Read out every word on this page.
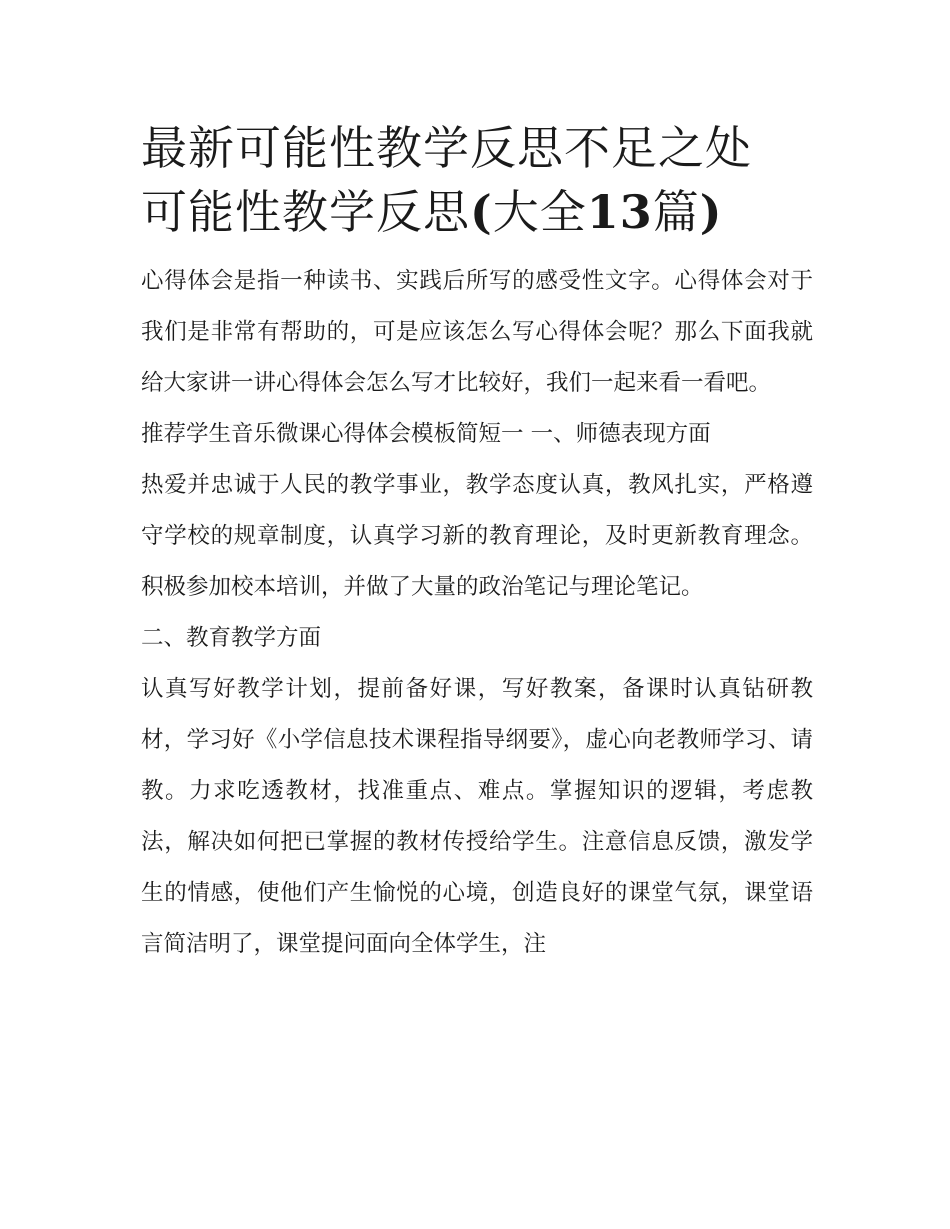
最新可能性教学反思不足之处
可能性教学反思(大全13篇)

心得体会是指一种读书、实践后所写的感受性文字。心得体会对于我们是非常有帮助的，可是应该怎么写心得体会呢？那么下面我就给大家讲一讲心得体会怎么写才比较好，我们一起来看一看吧。

推荐学生音乐微课心得体会模板简短一 一、师德表现方面

热爱并忠诚于人民的教学事业，教学态度认真，教风扎实，严格遵守学校的规章制度，认真学习新的教育理论，及时更新教育理念。积极参加校本培训，并做了大量的政治笔记与理论笔记。

二、教育教学方面

认真写好教学计划，提前备好课，写好教案，备课时认真钻研教材，学习好《小学信息技术课程指导纲要》，虚心向老教师学习、请教。力求吃透教材，找准重点、难点。掌握知识的逻辑，考虑教法，解决如何把已掌握的教材传授给学生。注意信息反馈，激发学生的情感，使他们产生愉悦的心境，创造良好的课堂气氛，课堂语言简洁明了，课堂提问面向全体学生，注
